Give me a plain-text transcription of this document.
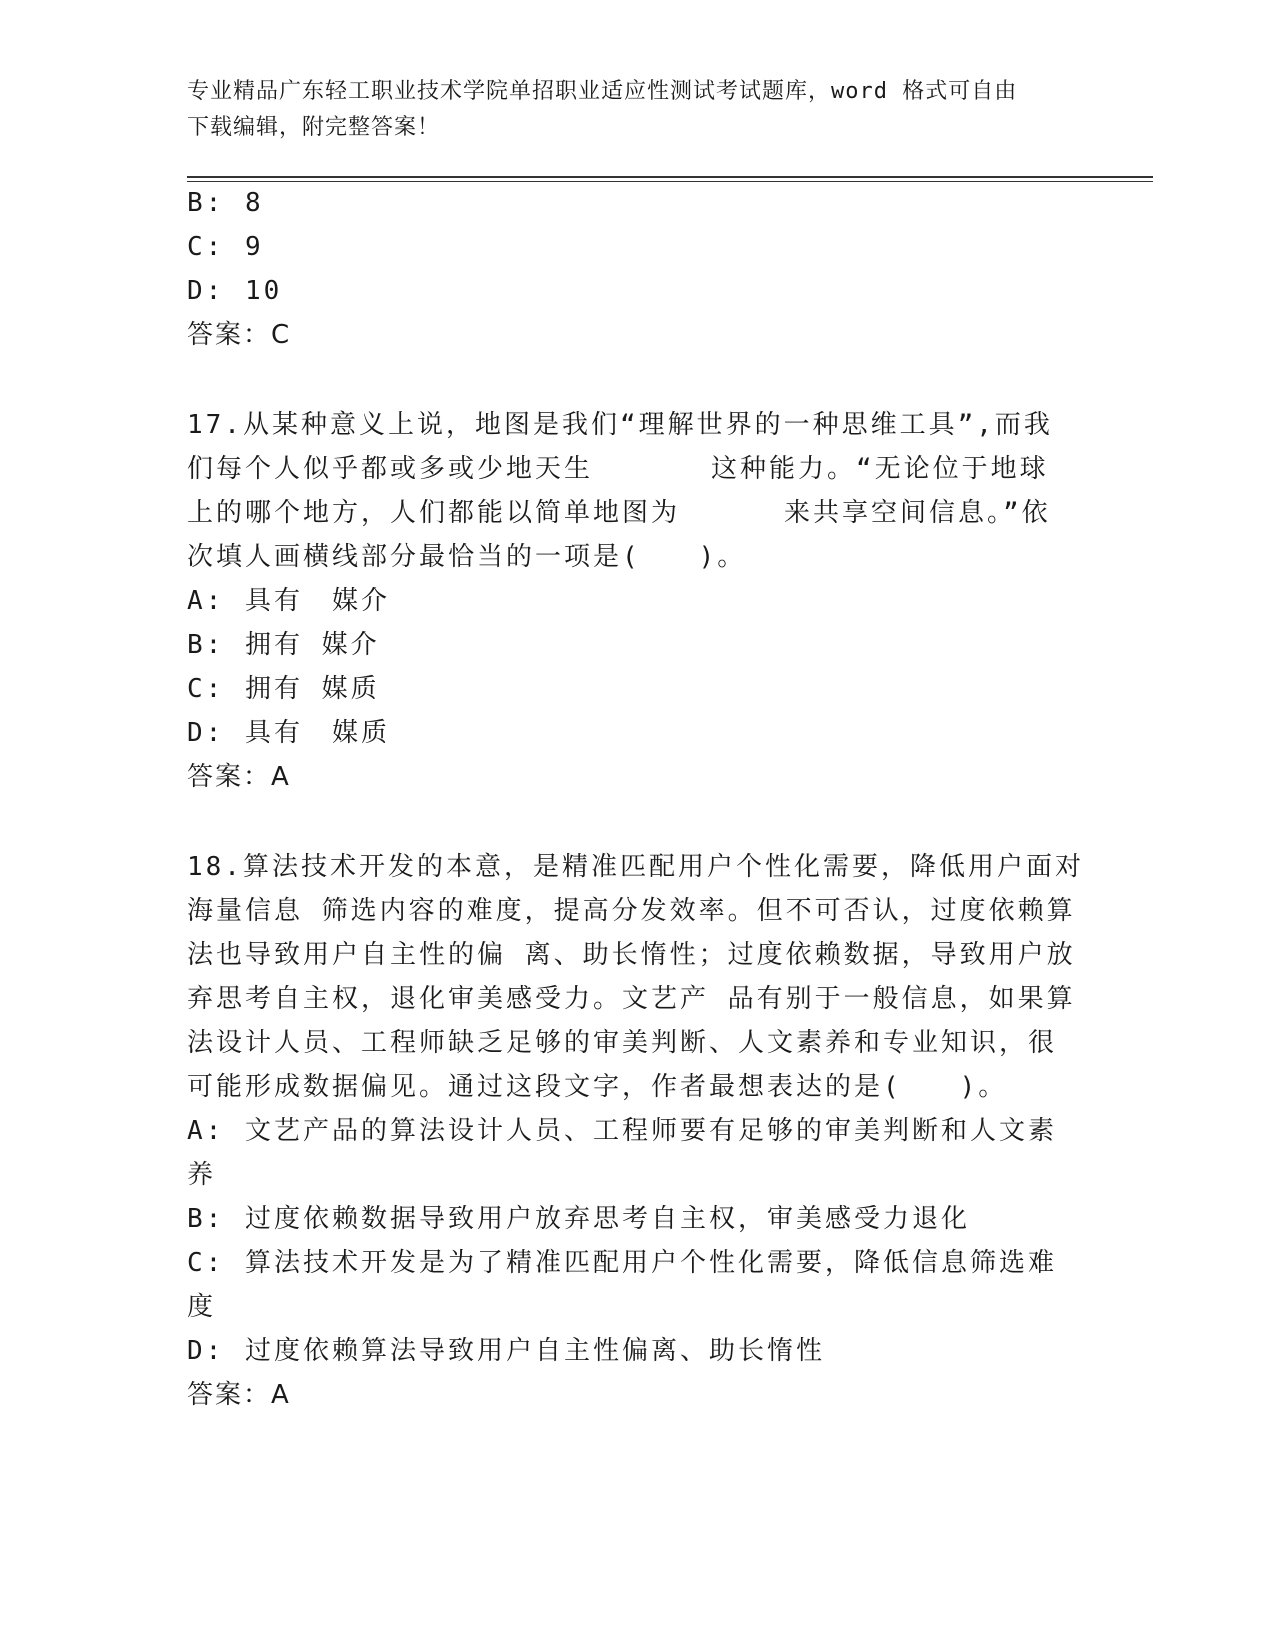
专业精品广东轻工职业技术学院单招职业适应性测试考试题库，word 格式可自由
下载编辑，附完整答案！
B: 8
C: 9
D: 10
答案：C
17.从某种意义上说，地图是我们“理解世界的一种思维工具”,而我
们每个人似乎都或多或少地天生	这种能力。“无论位于地球
上的哪个地方，人们都能以简单地图为	来共享空间信息。”依
次填人画横线部分最恰当的一项是(　　)。
A: 具有　媒介
B: 拥有 媒介
C: 拥有 媒质
D: 具有　媒质
答案：A
18.算法技术开发的本意，是精准匹配用户个性化需要，降低用户面对
海量信息 筛选内容的难度，提高分发效率。但不可否认，过度依赖算
法也导致用户自主性的偏 离、助长惰性；过度依赖数据，导致用户放
弃思考自主权，退化审美感受力。文艺产 品有别于一般信息，如果算
法设计人员、工程师缺乏足够的审美判断、人文素养和专业知识，很
可能形成数据偏见。通过这段文字，作者最想表达的是(　　)。
A: 文艺产品的算法设计人员、工程师要有足够的审美判断和人文素
养
B: 过度依赖数据导致用户放弃思考自主权，审美感受力退化
C: 算法技术开发是为了精准匹配用户个性化需要，降低信息筛选难
度
D: 过度依赖算法导致用户自主性偏离、助长惰性
答案：A
